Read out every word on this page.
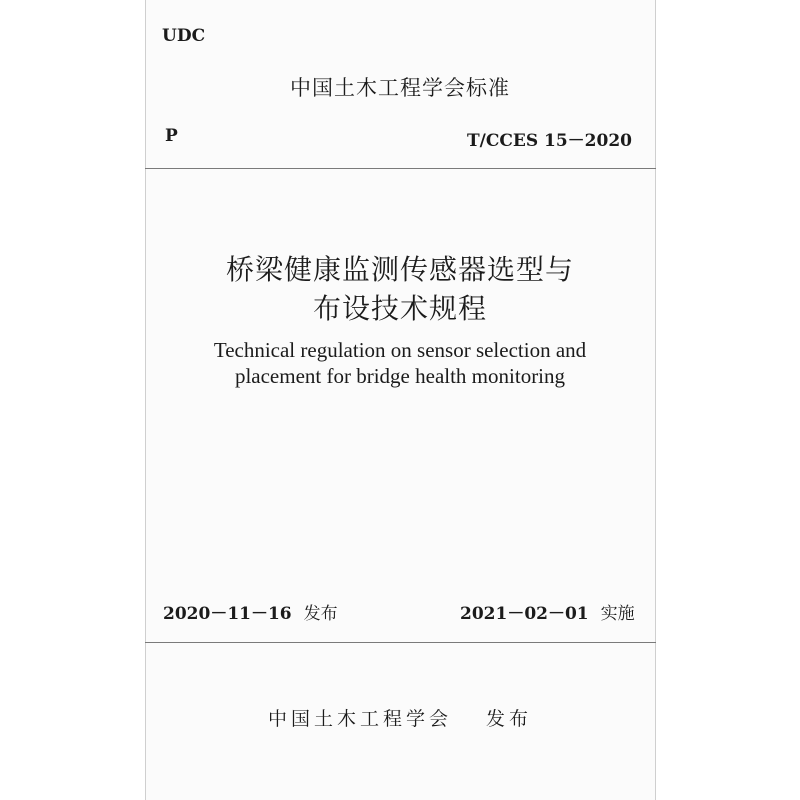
UDC
中国土木工程学会标准
P	T/CCES 15－2020
桥梁健康监测传感器选型与
布设技术规程
Technical regulation on sensor selection and
placement for bridge health monitoring
2020－11－16 发布	2021－02－01 实施
中国土木工程学会 发布
